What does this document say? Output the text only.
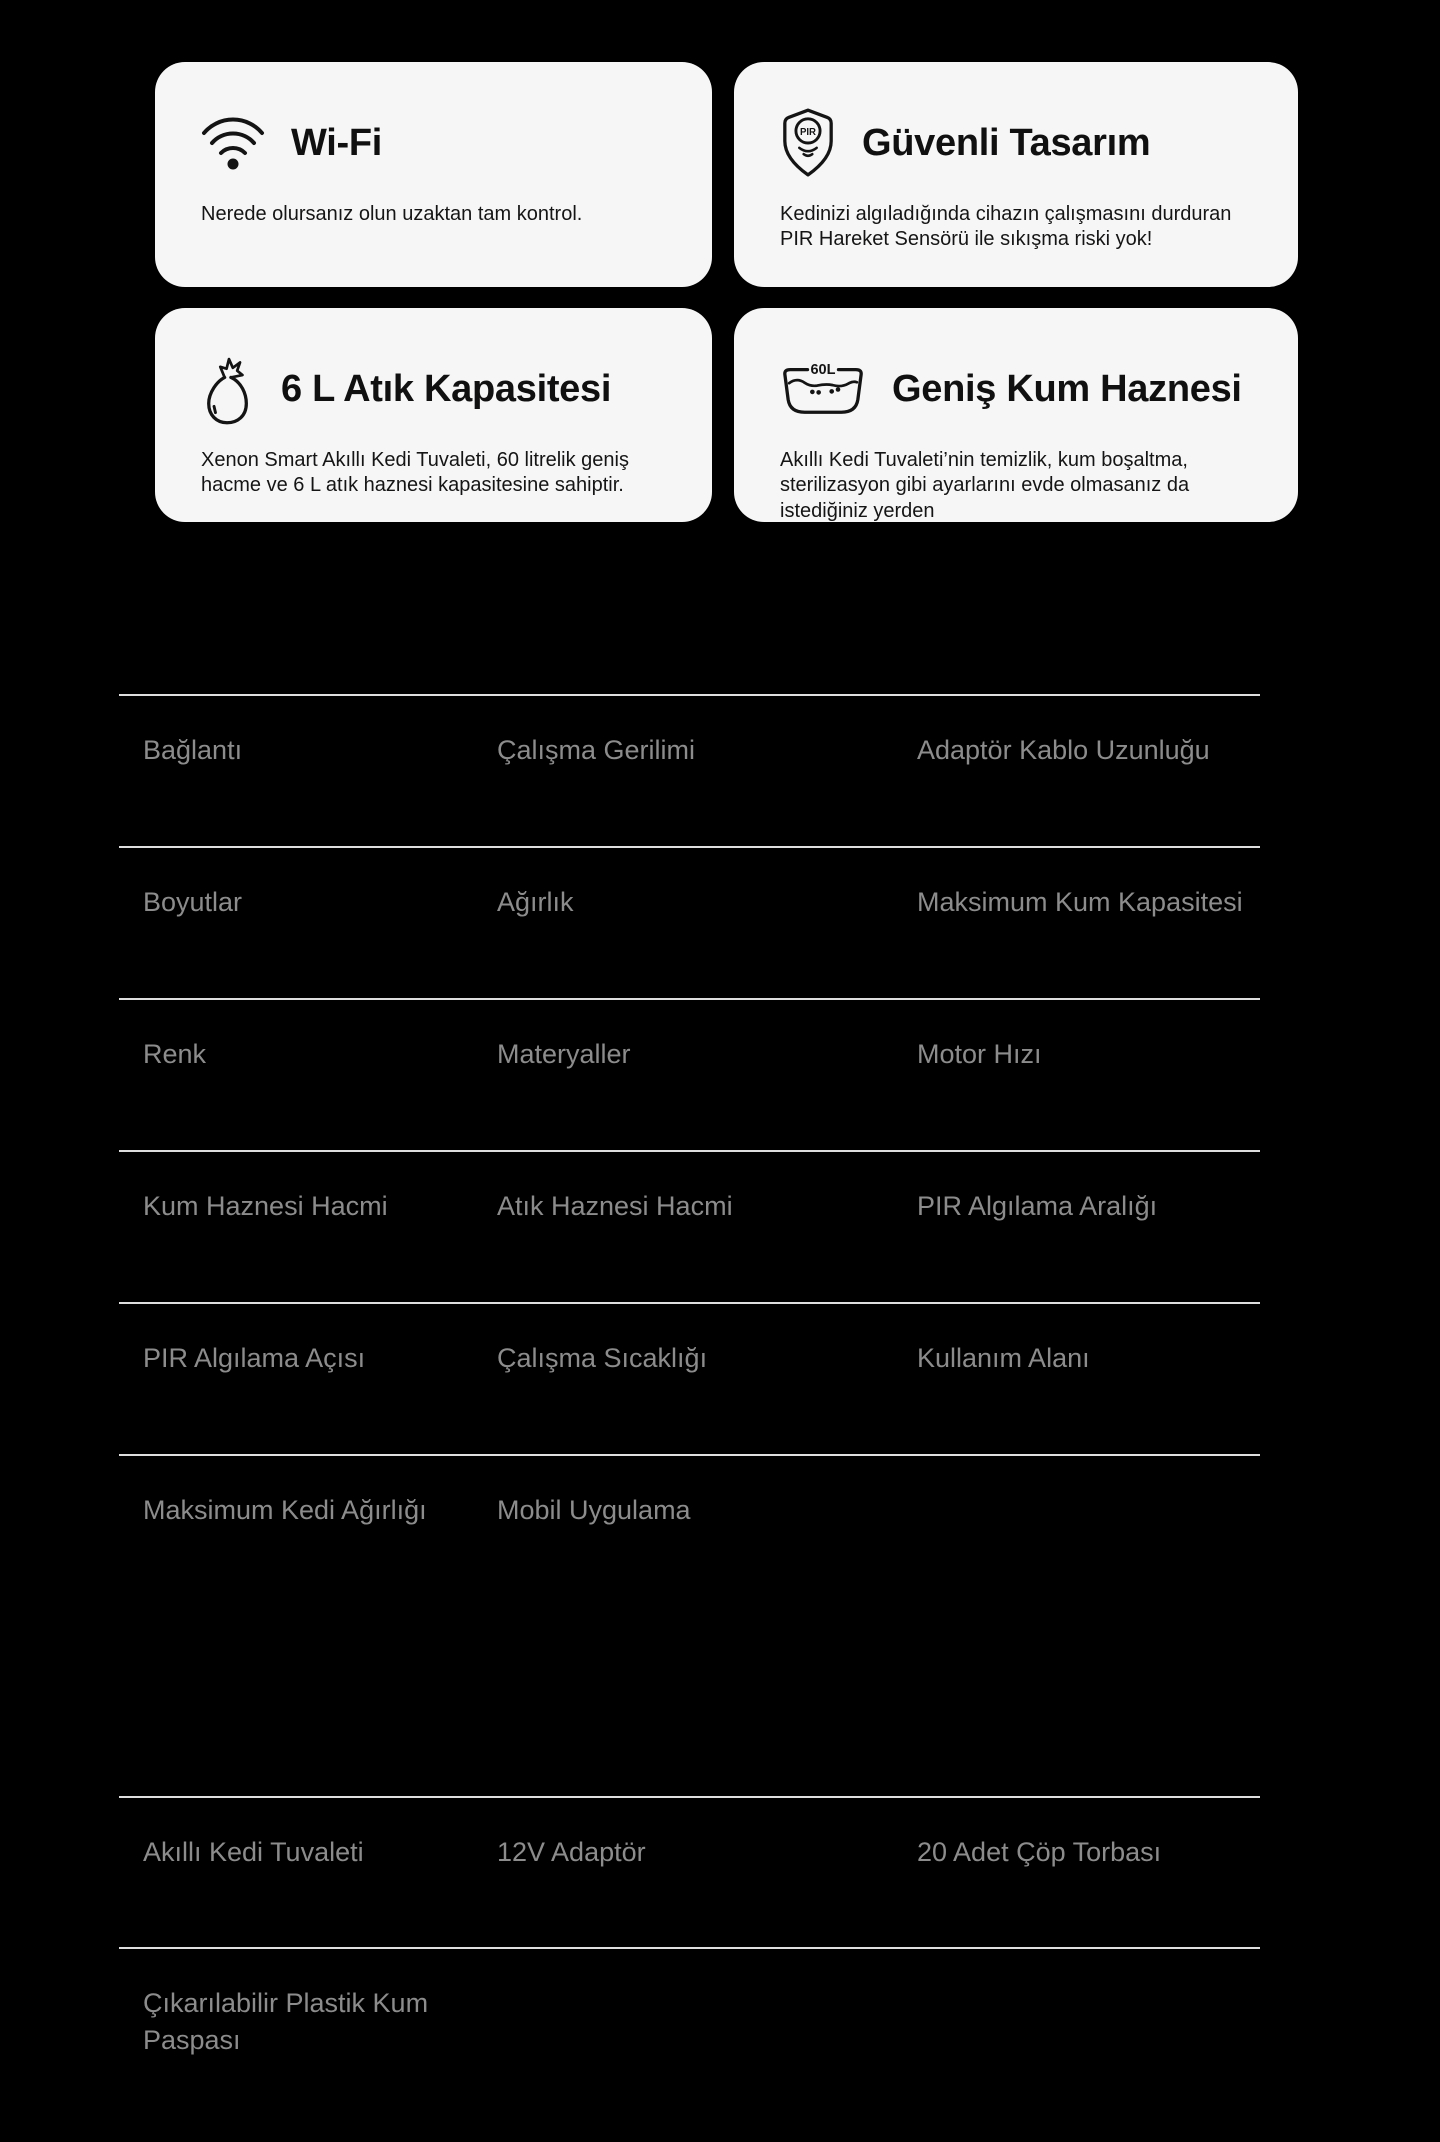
Wi-Fi
Nerede olursanız olun uzaktan tam kontrol.
PIR Güvenli Tasarım
Kedinizi algıladığında cihazın çalışmasını durduran PIR Hareket Sensörü ile sıkışma riski yok!
6 L Atık Kapasitesi
Xenon Smart Akıllı Kedi Tuvaleti, 60 litrelik geniş hacme ve 6 L atık haznesi kapasitesine sahiptir.
60L Geniş Kum Haznesi
Akıllı Kedi Tuvaleti’nin temizlik, kum boşaltma, sterilizasyon gibi ayarlarını evde olmasanız da istediğiniz yerden
Bağlantı	Çalışma Gerilimi	Adaptör Kablo Uzunluğu
Boyutlar	Ağırlık	Maksimum Kum Kapasitesi
Renk	Materyaller	Motor Hızı
Kum Haznesi Hacmi	Atık Haznesi Hacmi	PIR Algılama Aralığı
PIR Algılama Açısı	Çalışma Sıcaklığı	Kullanım Alanı
Maksimum Kedi Ağırlığı	Mobil Uygulama
Akıllı Kedi Tuvaleti	12V Adaptör	20 Adet Çöp Torbası
Çıkarılabilir Plastik Kum Paspası
